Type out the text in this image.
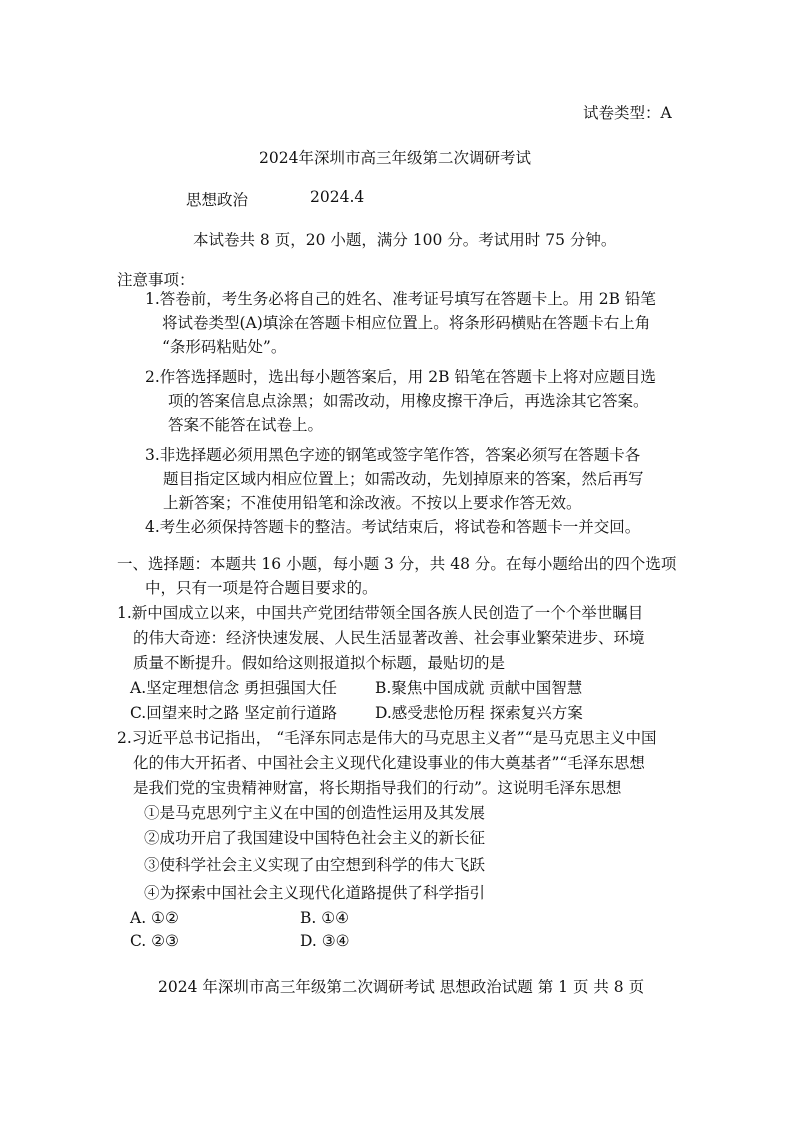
试卷类型：A
2024年深圳市高三年级第二次调研考试
思想政治	2024.4
本试卷共 8 页，20 小题，满分 100 分。考试用时 75 分钟。
注意事项：
1.答卷前，考生务必将自己的姓名、准考证号填写在答题卡上。用 2B 铅笔
将试卷类型(A)填涂在答题卡相应位置上。将条形码横贴在答题卡右上角
“条形码粘贴处”。
2.作答选择题时，选出每小题答案后，用 2B 铅笔在答题卡上将对应题目选
项的答案信息点涂黑；如需改动，用橡皮擦干净后，再选涂其它答案。
答案不能答在试卷上。
3.非选择题必须用黑色字迹的钢笔或签字笔作答，答案必须写在答题卡各
题目指定区域内相应位置上；如需改动，先划掉原来的答案，然后再写
上新答案；不准使用铅笔和涂改液。不按以上要求作答无效。
4.考生必须保持答题卡的整洁。考试结束后，将试卷和答题卡一并交回。
一、选择题：本题共 16 小题，每小题 3 分，共 48 分。在每小题给出的四个选项
中，只有一项是符合题目要求的。
1.新中国成立以来，中国共产党团结带领全国各族人民创造了一个个举世瞩目
的伟大奇迹：经济快速发展、人民生活显著改善、社会事业繁荣进步、环境
质量不断提升。假如给这则报道拟个标题，最贴切的是
A.坚定理想信念 勇担强国大任 B.聚焦中国成就 贡献中国智慧
C.回望来时之路 坚定前行道路 D.感受悲怆历程 探索复兴方案
2.习近平总书记指出， “毛泽东同志是伟大的马克思主义者”“是马克思主义中国
化的伟大开拓者、中国社会主义现代化建设事业的伟大奠基者”“毛泽东思想
是我们党的宝贵精神财富，将长期指导我们的行动”。这说明毛泽东思想
①是马克思列宁主义在中国的创造性运用及其发展
②成功开启了我国建设中国特色社会主义的新长征
③使科学社会主义实现了由空想到科学的伟大飞跃
④为探索中国社会主义现代化道路提供了科学指引
A. ①②	B. ①④
C. ②③	D. ③④
2024 年深圳市高三年级第二次调研考试 思想政治试题 第 1 页 共 8 页
